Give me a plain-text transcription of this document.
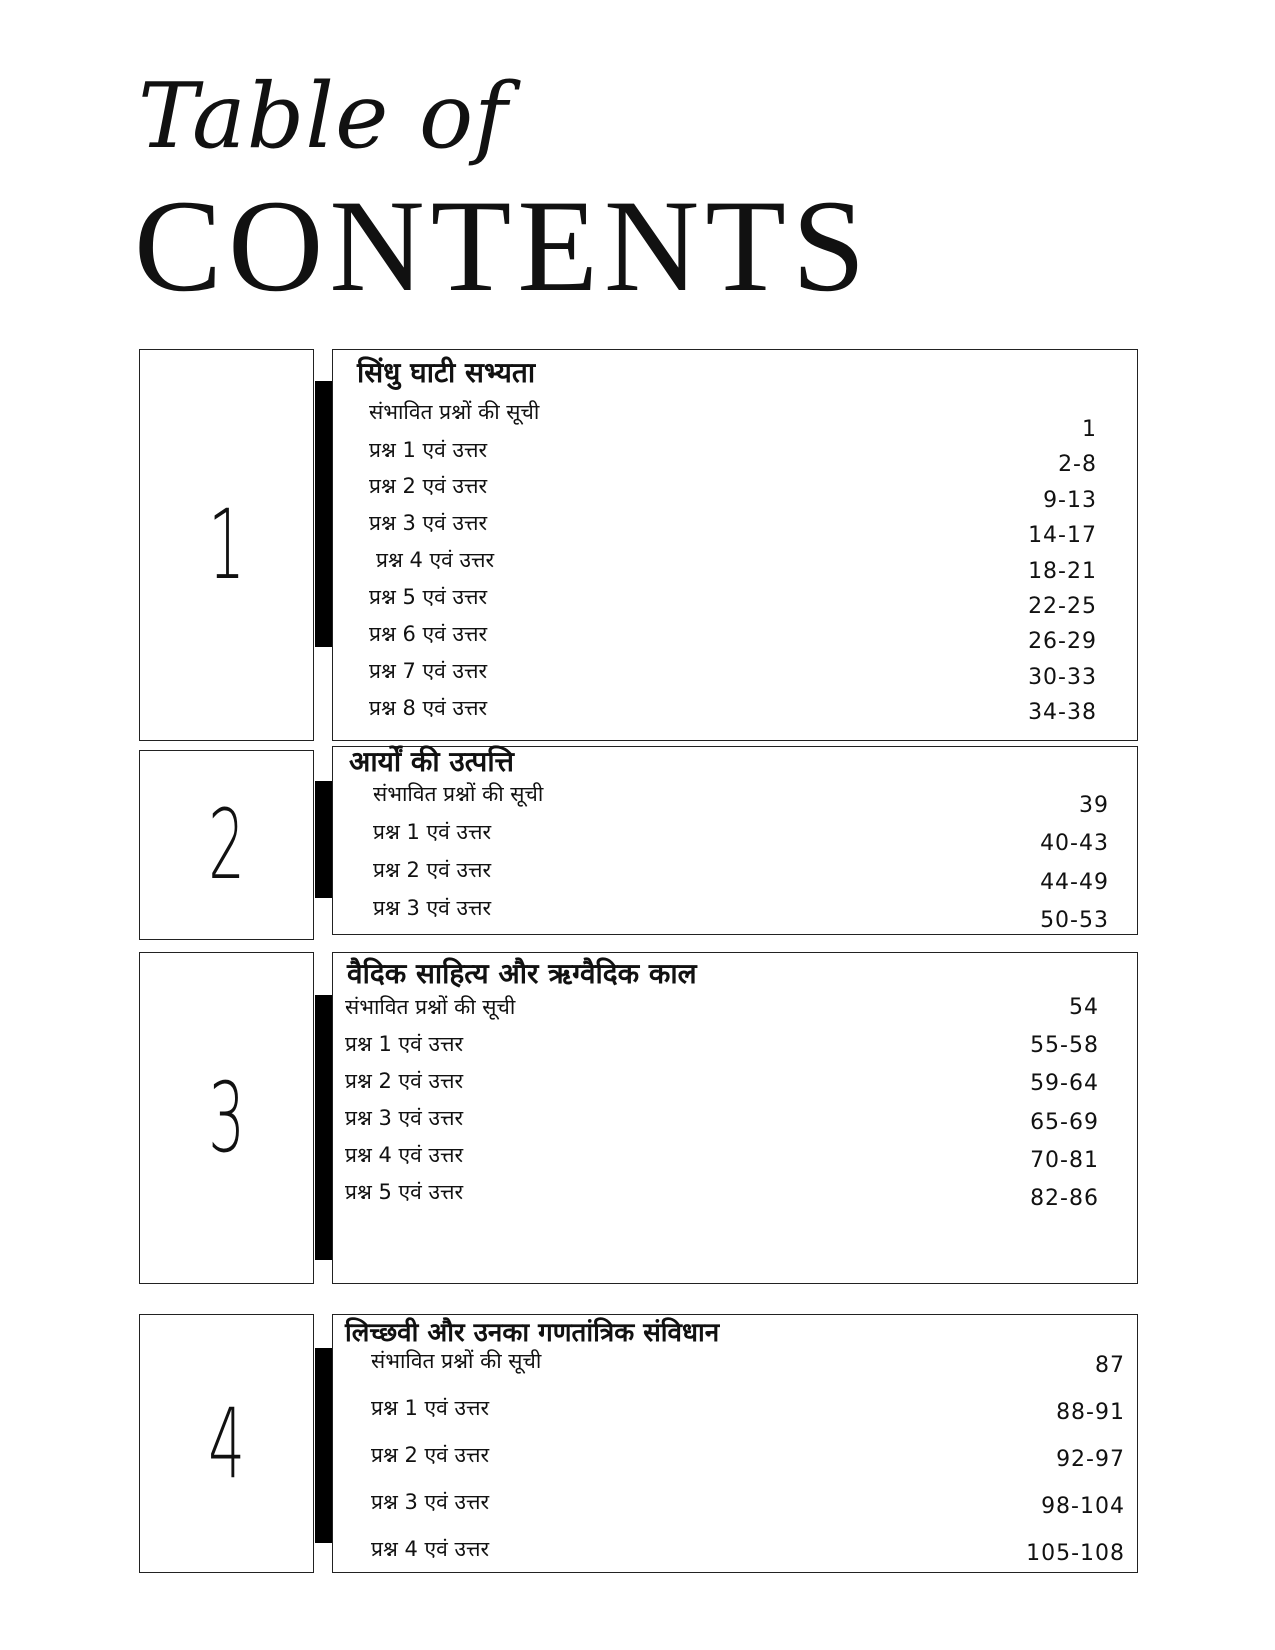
Table of
CONTENTS
1
सिंधु घाटी सभ्यता
संभावित प्रश्नों की सूची
प्रश्न 1 एवं उत्तर
प्रश्न 2 एवं उत्तर
प्रश्न 3 एवं उत्तर
प्रश्न 4 एवं उत्तर
प्रश्न 5 एवं उत्तर
प्रश्न 6 एवं उत्तर
प्रश्न 7 एवं उत्तर
प्रश्न 8 एवं उत्तर
1
2-8
9-13
14-17
18-21
22-25
26-29
30-33
34-38
2
आर्यों की उत्पत्ति
संभावित प्रश्नों की सूची
प्रश्न 1 एवं उत्तर
प्रश्न 2 एवं उत्तर
प्रश्न 3 एवं उत्तर
39
40-43
44-49
50-53
3
वैदिक साहित्य और ऋग्वैदिक काल
संभावित प्रश्नों की सूची
प्रश्न 1 एवं उत्तर
प्रश्न 2 एवं उत्तर
प्रश्न 3 एवं उत्तर
प्रश्न 4 एवं उत्तर
प्रश्न 5 एवं उत्तर
54
55-58
59-64
65-69
70-81
82-86
4
लिच्छवी और उनका गणतांत्रिक संविधान
संभावित प्रश्नों की सूची
प्रश्न 1 एवं उत्तर
प्रश्न 2 एवं उत्तर
प्रश्न 3 एवं उत्तर
प्रश्न 4 एवं उत्तर
87
88-91
92-97
98-104
105-108
